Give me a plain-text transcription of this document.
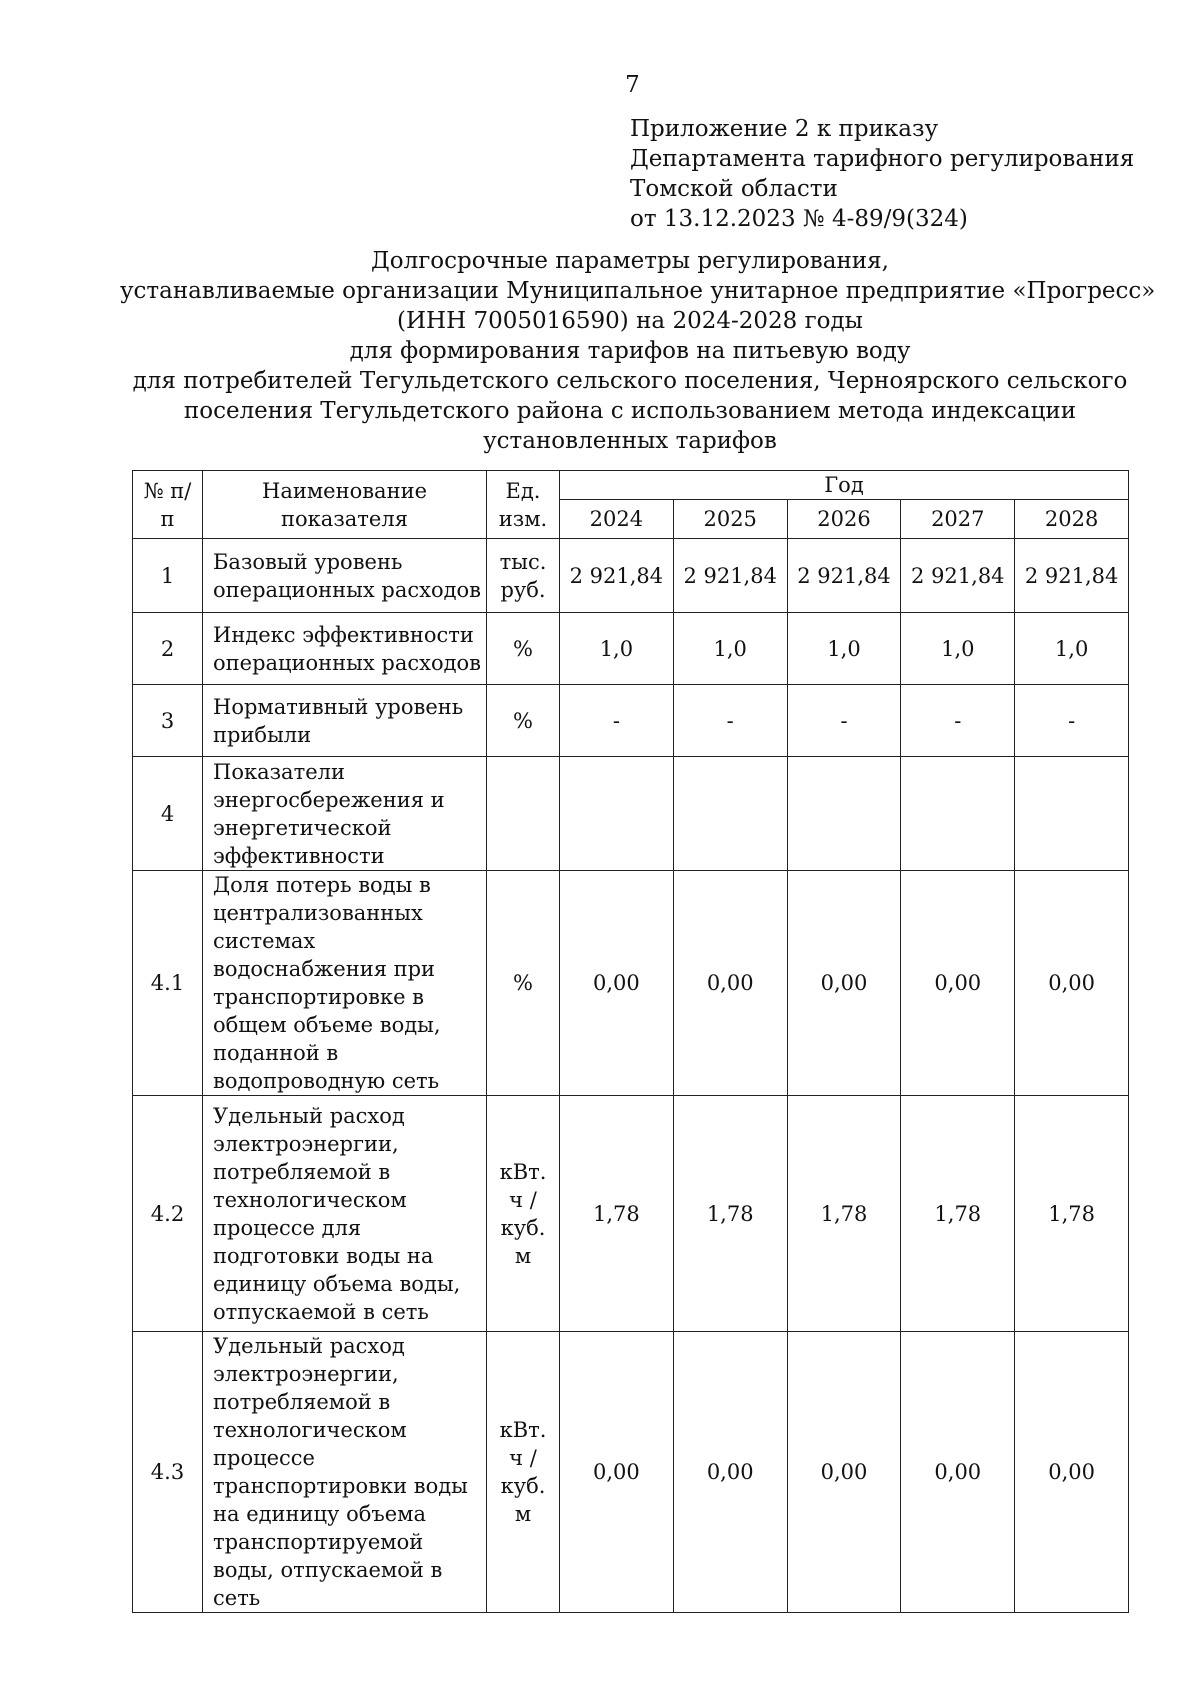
7
Приложение 2 к приказу
Департамента тарифного регулирования
Томской области
от 13.12.2023 № 4-89/9(324)
Долгосрочные параметры регулирования,
устанавливаемые организации Муниципальное унитарное предприятие «Прогресс»
(ИНН 7005016590) на 2024-2028 годы
для формирования тарифов на питьевую воду
для потребителей Тегульдетского сельского поселения, Черноярского сельского
поселения Тегульдетского района с использованием метода индексации
установленных тарифов
№ п/п	Наименование показателя	Ед. изм.	Год				
			2024	2025	2026	2027	2028
1	Базовый уровень операционных расходов	тыс. руб.	2 921,84	2 921,84	2 921,84	2 921,84	2 921,84
2	Индекс эффективности операционных расходов	%	1,0	1,0	1,0	1,0	1,0
3	Нормативный уровень прибыли	%	-	-	-	-	-
4	Показатели энергосбережения и энергетической эффективности						
4.1	Доля потерь воды в централизованных системах водоснабжения при транспортировке в общем объеме воды, поданной в водопроводную сеть	%	0,00	0,00	0,00	0,00	0,00
4.2	Удельный расход электроэнергии, потребляемой в технологическом процессе для подготовки воды на единицу объема воды, отпускаемой в сеть	кВт. ч / куб. м	1,78	1,78	1,78	1,78	1,78
4.3	Удельный расход электроэнергии, потребляемой в технологическом процессе транспортировки воды на единицу объема транспортируемой воды, отпускаемой в сеть	кВт. ч / куб. м	0,00	0,00	0,00	0,00	0,00
